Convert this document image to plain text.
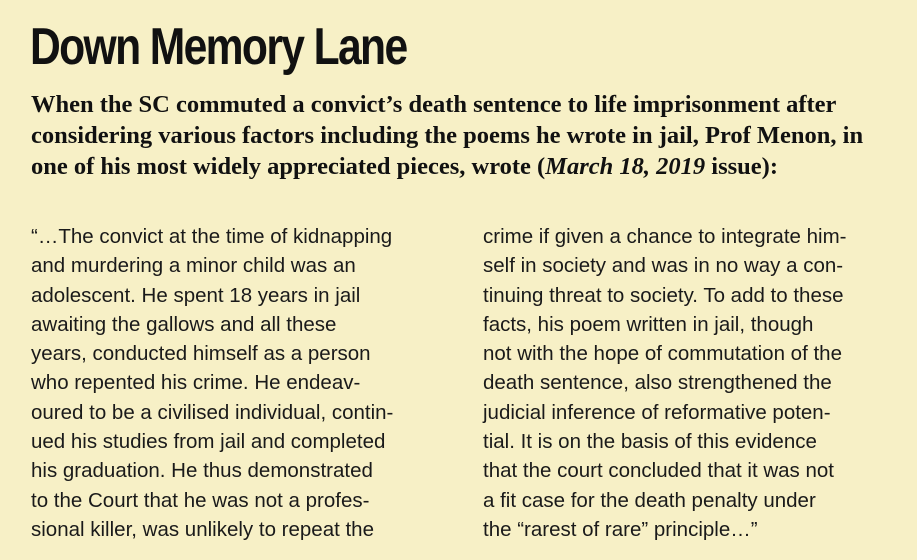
Down Memory Lane

When the SC commuted a convict’s death sentence to life imprisonment after considering various factors including the poems he wrote in jail, Prof Menon, in one of his most widely appreciated pieces, wrote (March 18, 2019 issue):

“…The convict at the time of kidnapping
and murdering a minor child was an
adolescent. He spent 18 years in jail
awaiting the gallows and all these
years, conducted himself as a person
who repented his crime. He endeav-
oured to be a civilised individual, contin-
ued his studies from jail and completed
his graduation. He thus demonstrated
to the Court that he was not a profes-
sional killer, was unlikely to repeat the
crime if given a chance to integrate him-
self in society and was in no way a con-
tinuing threat to society. To add to these
facts, his poem written in jail, though
not with the hope of commutation of the
death sentence, also strengthened the
judicial inference of reformative poten-
tial. It is on the basis of this evidence
that the court concluded that it was not
a fit case for the death penalty under
the “rarest of rare” principle…”
